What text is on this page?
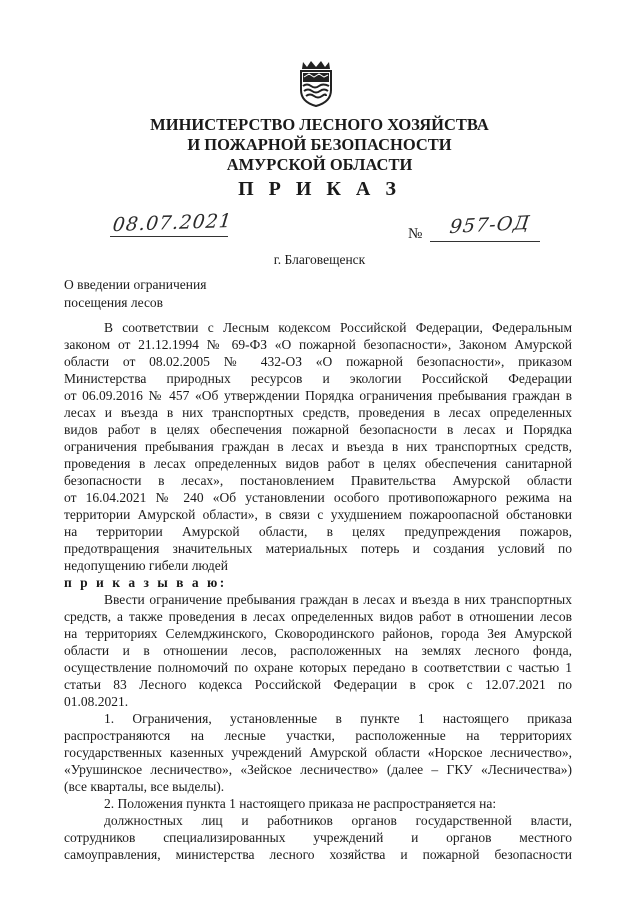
МИНИСТЕРСТВО ЛЕСНОГО ХОЗЯЙСТВА
И ПОЖАРНОЙ БЕЗОПАСНОСТИ
АМУРСКОЙ ОБЛАСТИ
П Р И К А З
08.07.2021	№ 957-ОД
г. Благовещенск
О введении ограничения
посещения лесов
В соответствии с Лесным кодексом Российской Федерации, Федеральным
законом от 21.12.1994 № 69-ФЗ «О пожарной безопасности», Законом Амурской
области от 08.02.2005 № 432-ОЗ «О пожарной безопасности», приказом
Министерства природных ресурсов и экологии Российской Федерации
от 06.09.2016 № 457 «Об утверждении Порядка ограничения пребывания граждан в
лесах и въезда в них транспортных средств, проведения в лесах определенных
видов работ в целях обеспечения пожарной безопасности в лесах и Порядка
ограничения пребывания граждан в лесах и въезда в них транспортных средств,
проведения в лесах определенных видов работ в целях обеспечения санитарной
безопасности в лесах», постановлением Правительства Амурской области
от 16.04.2021 № 240 «Об установлении особого противопожарного режима на
территории Амурской области», в связи с ухудшением пожароопасной обстановки
на территории Амурской области, в целях предупреждения пожаров,
предотвращения значительных материальных потерь и создания условий по
недопущению гибели людей
п р и к а з ы в а ю:
Ввести ограничение пребывания граждан в лесах и въезда в них транспортных
средств, а также проведения в лесах определенных видов работ в отношении лесов
на территориях Селемджинского, Сковородинского районов, города Зея Амурской
области и в отношении лесов, расположенных на землях лесного фонда,
осуществление полномочий по охране которых передано в соответствии с частью 1
статьи 83 Лесного кодекса Российской Федерации в срок с 12.07.2021 по
01.08.2021.
1. Ограничения, установленные в пункте 1 настоящего приказа
распространяются на лесные участки, расположенные на территориях
государственных казенных учреждений Амурской области «Норское лесничество»,
«Урушинское лесничество», «Зейское лесничество» (далее – ГКУ «Лесничества»)
(все кварталы, все выделы).
2. Положения пункта 1 настоящего приказа не распространяется на:
должностных лиц и работников органов государственной власти,
сотрудников специализированных учреждений и органов местного
самоуправления, министерства лесного хозяйства и пожарной безопасности
